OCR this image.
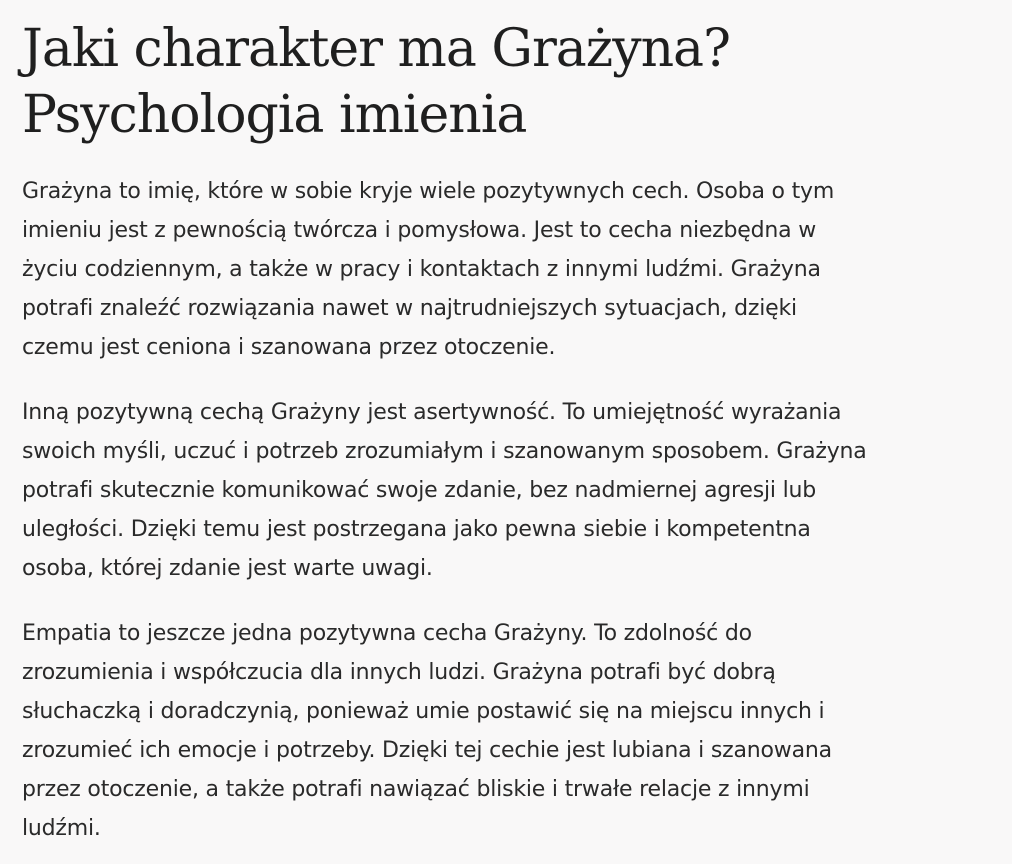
Jaki charakter ma Grażyna?
Psychologia imienia

Grażyna to imię, które w sobie kryje wiele pozytywnych cech. Osoba o tym
imieniu jest z pewnością twórcza i pomysłowa. Jest to cecha niezbędna w
życiu codziennym, a także w pracy i kontaktach z innymi ludźmi. Grażyna
potrafi znaleźć rozwiązania nawet w najtrudniejszych sytuacjach, dzięki
czemu jest ceniona i szanowana przez otoczenie.

Inną pozytywną cechą Grażyny jest asertywność. To umiejętność wyrażania
swoich myśli, uczuć i potrzeb zrozumiałym i szanowanym sposobem. Grażyna
potrafi skutecznie komunikować swoje zdanie, bez nadmiernej agresji lub
uległości. Dzięki temu jest postrzegana jako pewna siebie i kompetentna
osoba, której zdanie jest warte uwagi.

Empatia to jeszcze jedna pozytywna cecha Grażyny. To zdolność do
zrozumienia i współczucia dla innych ludzi. Grażyna potrafi być dobrą
słuchaczką i doradczynią, ponieważ umie postawić się na miejscu innych i
zrozumieć ich emocje i potrzeby. Dzięki tej cechie jest lubiana i szanowana
przez otoczenie, a także potrafi nawiązać bliskie i trwałe relacje z innymi
ludźmi.
